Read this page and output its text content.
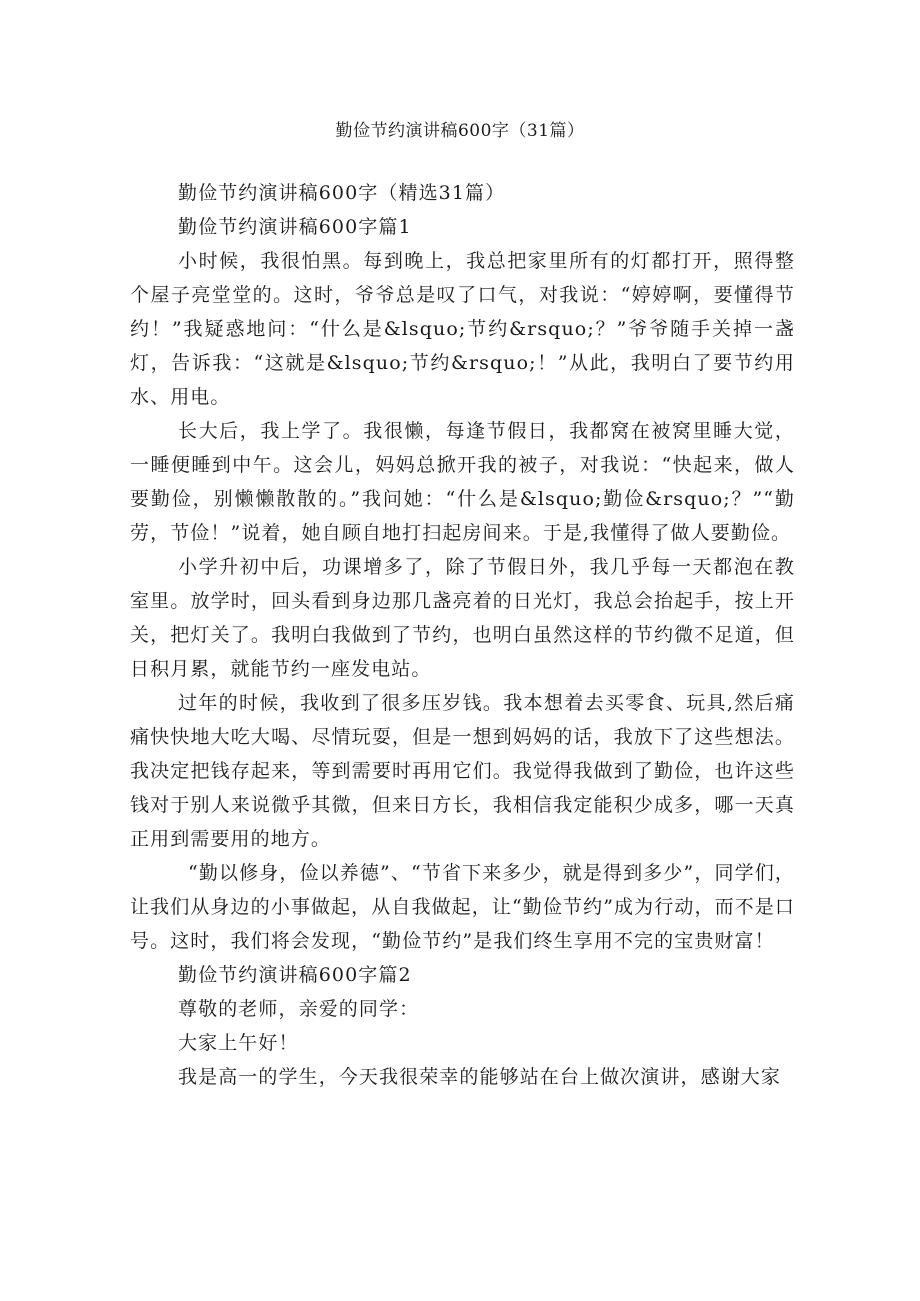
勤俭节约演讲稿600字（31篇）

勤俭节约演讲稿600字（精选31篇）

勤俭节约演讲稿600字篇1

小时候，我很怕黑。每到晚上，我总把家里所有的灯都打开，照得整个屋子亮堂堂的。这时，爷爷总是叹了口气，对我说：“婷婷啊，要懂得节约！”我疑惑地问：“什么是&lsquo;节约&rsquo;？”爷爷随手关掉一盏灯，告诉我：“这就是&lsquo;节约&rsquo;！”从此，我明白了要节约用水、用电。

长大后，我上学了。我很懒，每逢节假日，我都窝在被窝里睡大觉，一睡便睡到中午。这会儿，妈妈总掀开我的被子，对我说：“快起来，做人要勤俭，别懒懒散散的。”我问她：“什么是&lsquo;勤俭&rsquo;？”“勤劳，节俭！”说着，她自顾自地打扫起房间来。于是,我懂得了做人要勤俭。

小学升初中后，功课增多了，除了节假日外，我几乎每一天都泡在教室里。放学时，回头看到身边那几盏亮着的日光灯，我总会抬起手，按上开关，把灯关了。我明白我做到了节约，也明白虽然这样的节约微不足道，但日积月累，就能节约一座发电站。

过年的时候，我收到了很多压岁钱。我本想着去买零食、玩具,然后痛痛快快地大吃大喝、尽情玩耍，但是一想到妈妈的话，我放下了这些想法。我决定把钱存起来，等到需要时再用它们。我觉得我做到了勤俭，也许这些钱对于别人来说微乎其微，但来日方长，我相信我定能积少成多，哪一天真正用到需要用的地方。

“勤以修身，俭以养德”、“节省下来多少，就是得到多少”，同学们，让我们从身边的小事做起，从自我做起，让“勤俭节约”成为行动，而不是口号。这时，我们将会发现，“勤俭节约”是我们终生享用不完的宝贵财富！

勤俭节约演讲稿600字篇2

尊敬的老师，亲爱的同学：

大家上午好！

我是高一的学生，今天我很荣幸的能够站在台上做次演讲，感谢大家
